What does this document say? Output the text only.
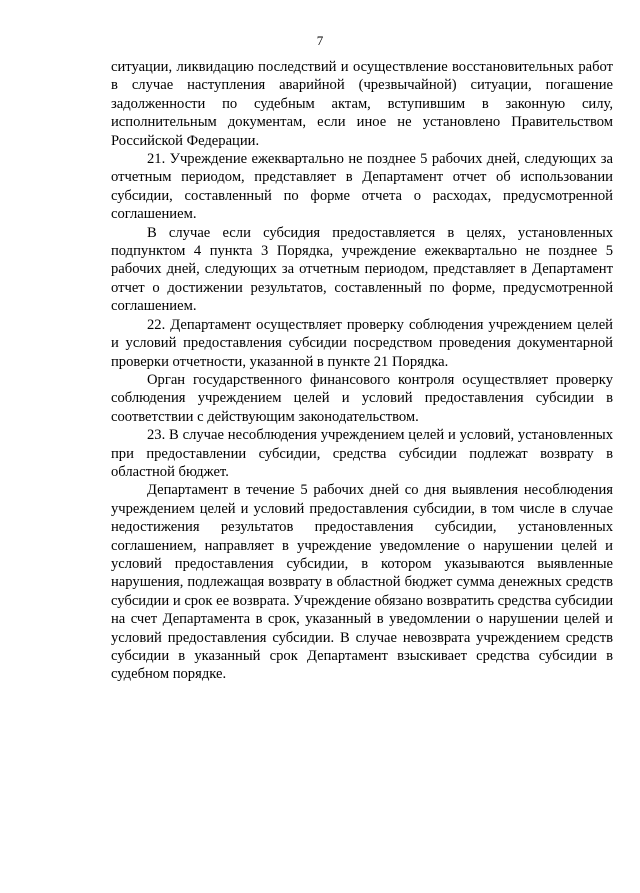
7

ситуации, ликвидацию последствий и осуществление восстановительных работ в случае наступления аварийной (чрезвычайной) ситуации, погашение задолженности по судебным актам, вступившим в законную силу, исполнительным документам, если иное не установлено Правительством Российской Федерации.

21. Учреждение ежеквартально не позднее 5 рабочих дней, следующих за отчетным периодом, представляет в Департамент отчет об использовании субсидии, составленный по форме отчета о расходах, предусмотренной соглашением.

В случае если субсидия предоставляется в целях, установленных подпунктом 4 пункта 3 Порядка, учреждение ежеквартально не позднее 5 рабочих дней, следующих за отчетным периодом, представляет в Департамент отчет о достижении результатов, составленный по форме, предусмотренной соглашением.

22. Департамент осуществляет проверку соблюдения учреждением целей и условий предоставления субсидии посредством проведения документарной проверки отчетности, указанной в пункте 21 Порядка.

Орган государственного финансового контроля осуществляет проверку соблюдения учреждением целей и условий предоставления субсидии в соответствии с действующим законодательством.

23. В случае несоблюдения учреждением целей и условий, установленных при предоставлении субсидии, средства субсидии подлежат возврату в областной бюджет.

Департамент в течение 5 рабочих дней со дня выявления несоблюдения учреждением целей и условий предоставления субсидии, в том числе в случае недостижения результатов предоставления субсидии, установленных соглашением, направляет в учреждение уведомление о нарушении целей и условий предоставления субсидии, в котором указываются выявленные нарушения, подлежащая возврату в областной бюджет сумма денежных средств субсидии и срок ее возврата. Учреждение обязано возвратить средства субсидии на счет Департамента в срок, указанный в уведомлении о нарушении целей и условий предоставления субсидии. В случае невозврата учреждением средств субсидии в указанный срок Департамент взыскивает средства субсидии в судебном порядке.
